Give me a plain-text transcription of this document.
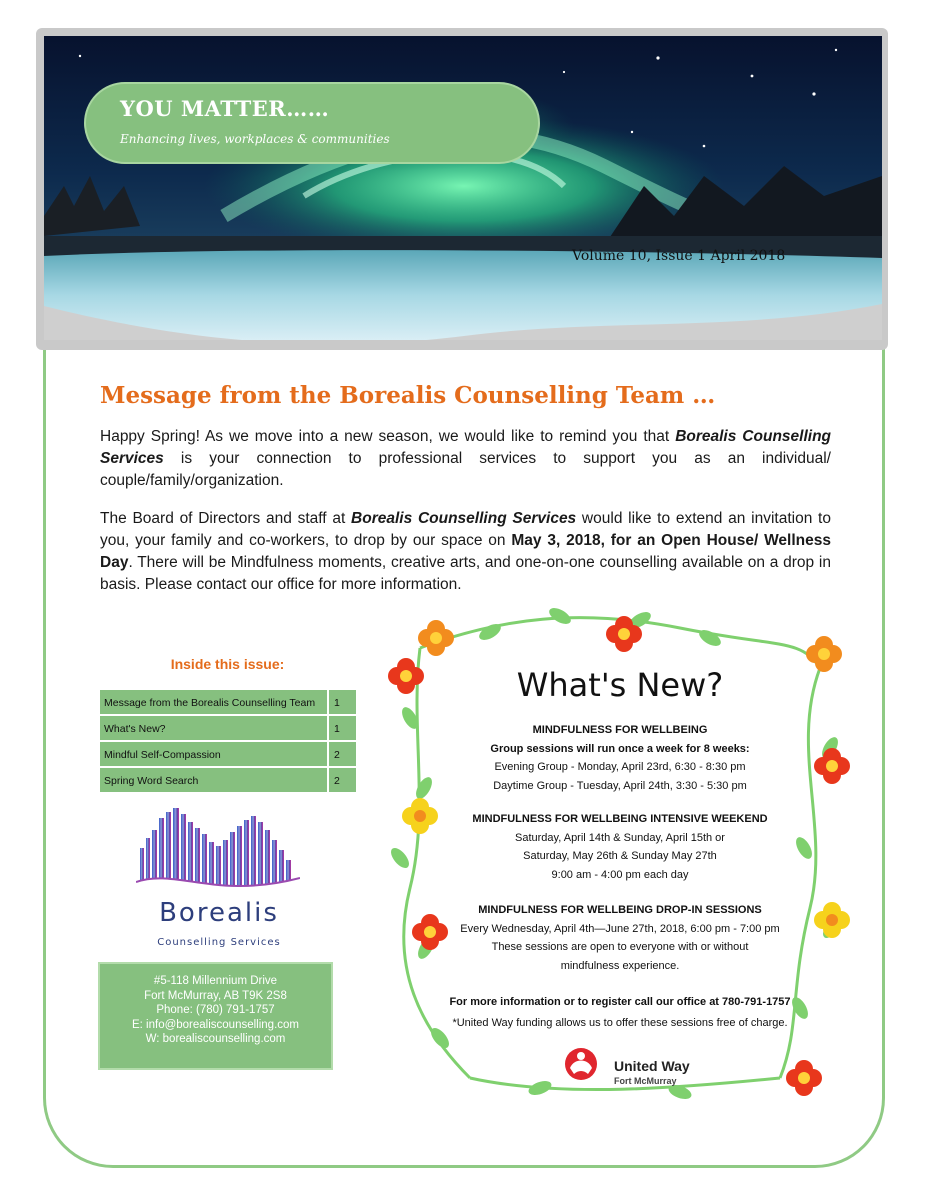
YOU MATTER……
Enhancing lives, workplaces & communities
Volume 10, Issue 1 April 2018
Message from the Borealis Counselling Team …
Happy Spring! As we move into a new season, we would like to remind you that Borealis Counselling Services is your connection to professional services to support you as an individual/ couple/family/organization.
The Board of Directors and staff at Borealis Counselling Services would like to extend an invitation to you, your family and co-workers, to drop by our space on May 3, 2018, for an Open House/ Wellness Day. There will be Mindfulness moments, creative arts, and one-on-one counselling available on a drop in basis. Please contact our office for more information.
Inside this issue:
Message from the Borealis Counselling Team	1
What's New?	1
Mindful Self-Compassion	2
Spring Word Search	2
Borealis
Counselling Services
#5-118 Millennium Drive
Fort McMurray, AB T9K 2S8
Phone: (780) 791-1757
E: info@borealiscounselling.com
W: borealiscounselling.com
What's New?
MINDFULNESS FOR WELLBEING
Group sessions will run once a week for 8 weeks:
Evening Group - Monday, April 23rd, 6:30 - 8:30 pm
Daytime Group - Tuesday, April 24th, 3:30 - 5:30 pm
MINDFULNESS FOR WELLBEING INTENSIVE WEEKEND
Saturday, April 14th & Sunday, April 15th or
Saturday, May 26th & Sunday May 27th
9:00 am - 4:00 pm each day
MINDFULNESS FOR WELLBEING DROP-IN SESSIONS
Every Wednesday, April 4th—June 27th, 2018, 6:00 pm - 7:00 pm
These sessions are open to everyone with or without
mindfulness experience.
For more information or to register call our office at 780-791-1757
*United Way funding allows us to offer these sessions free of charge.
United Way
Fort McMurray
